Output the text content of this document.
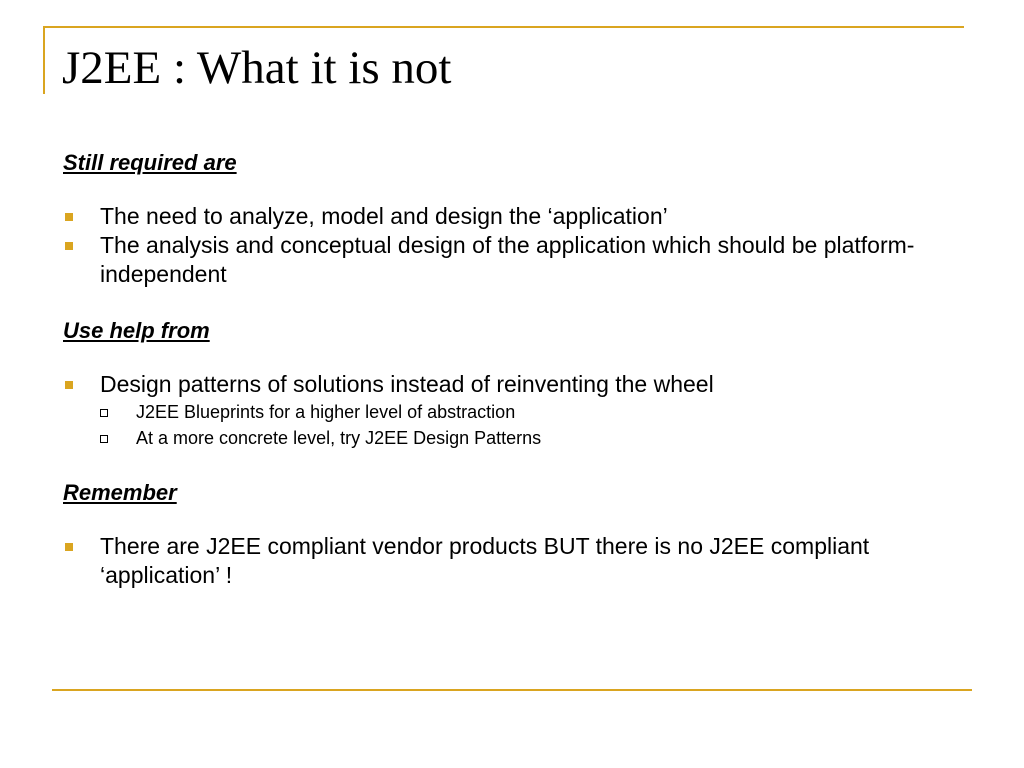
J2EE : What it is not

Still required are

The need to analyze, model and design the ‘application’
The analysis and conceptual design of the application which should be platform-independent

Use help from

Design patterns of solutions instead of reinventing the wheel
J2EE Blueprints for a higher level of abstraction
At a more concrete level, try J2EE Design Patterns

Remember

There are J2EE compliant vendor products BUT there is no J2EE compliant ‘application’ !
